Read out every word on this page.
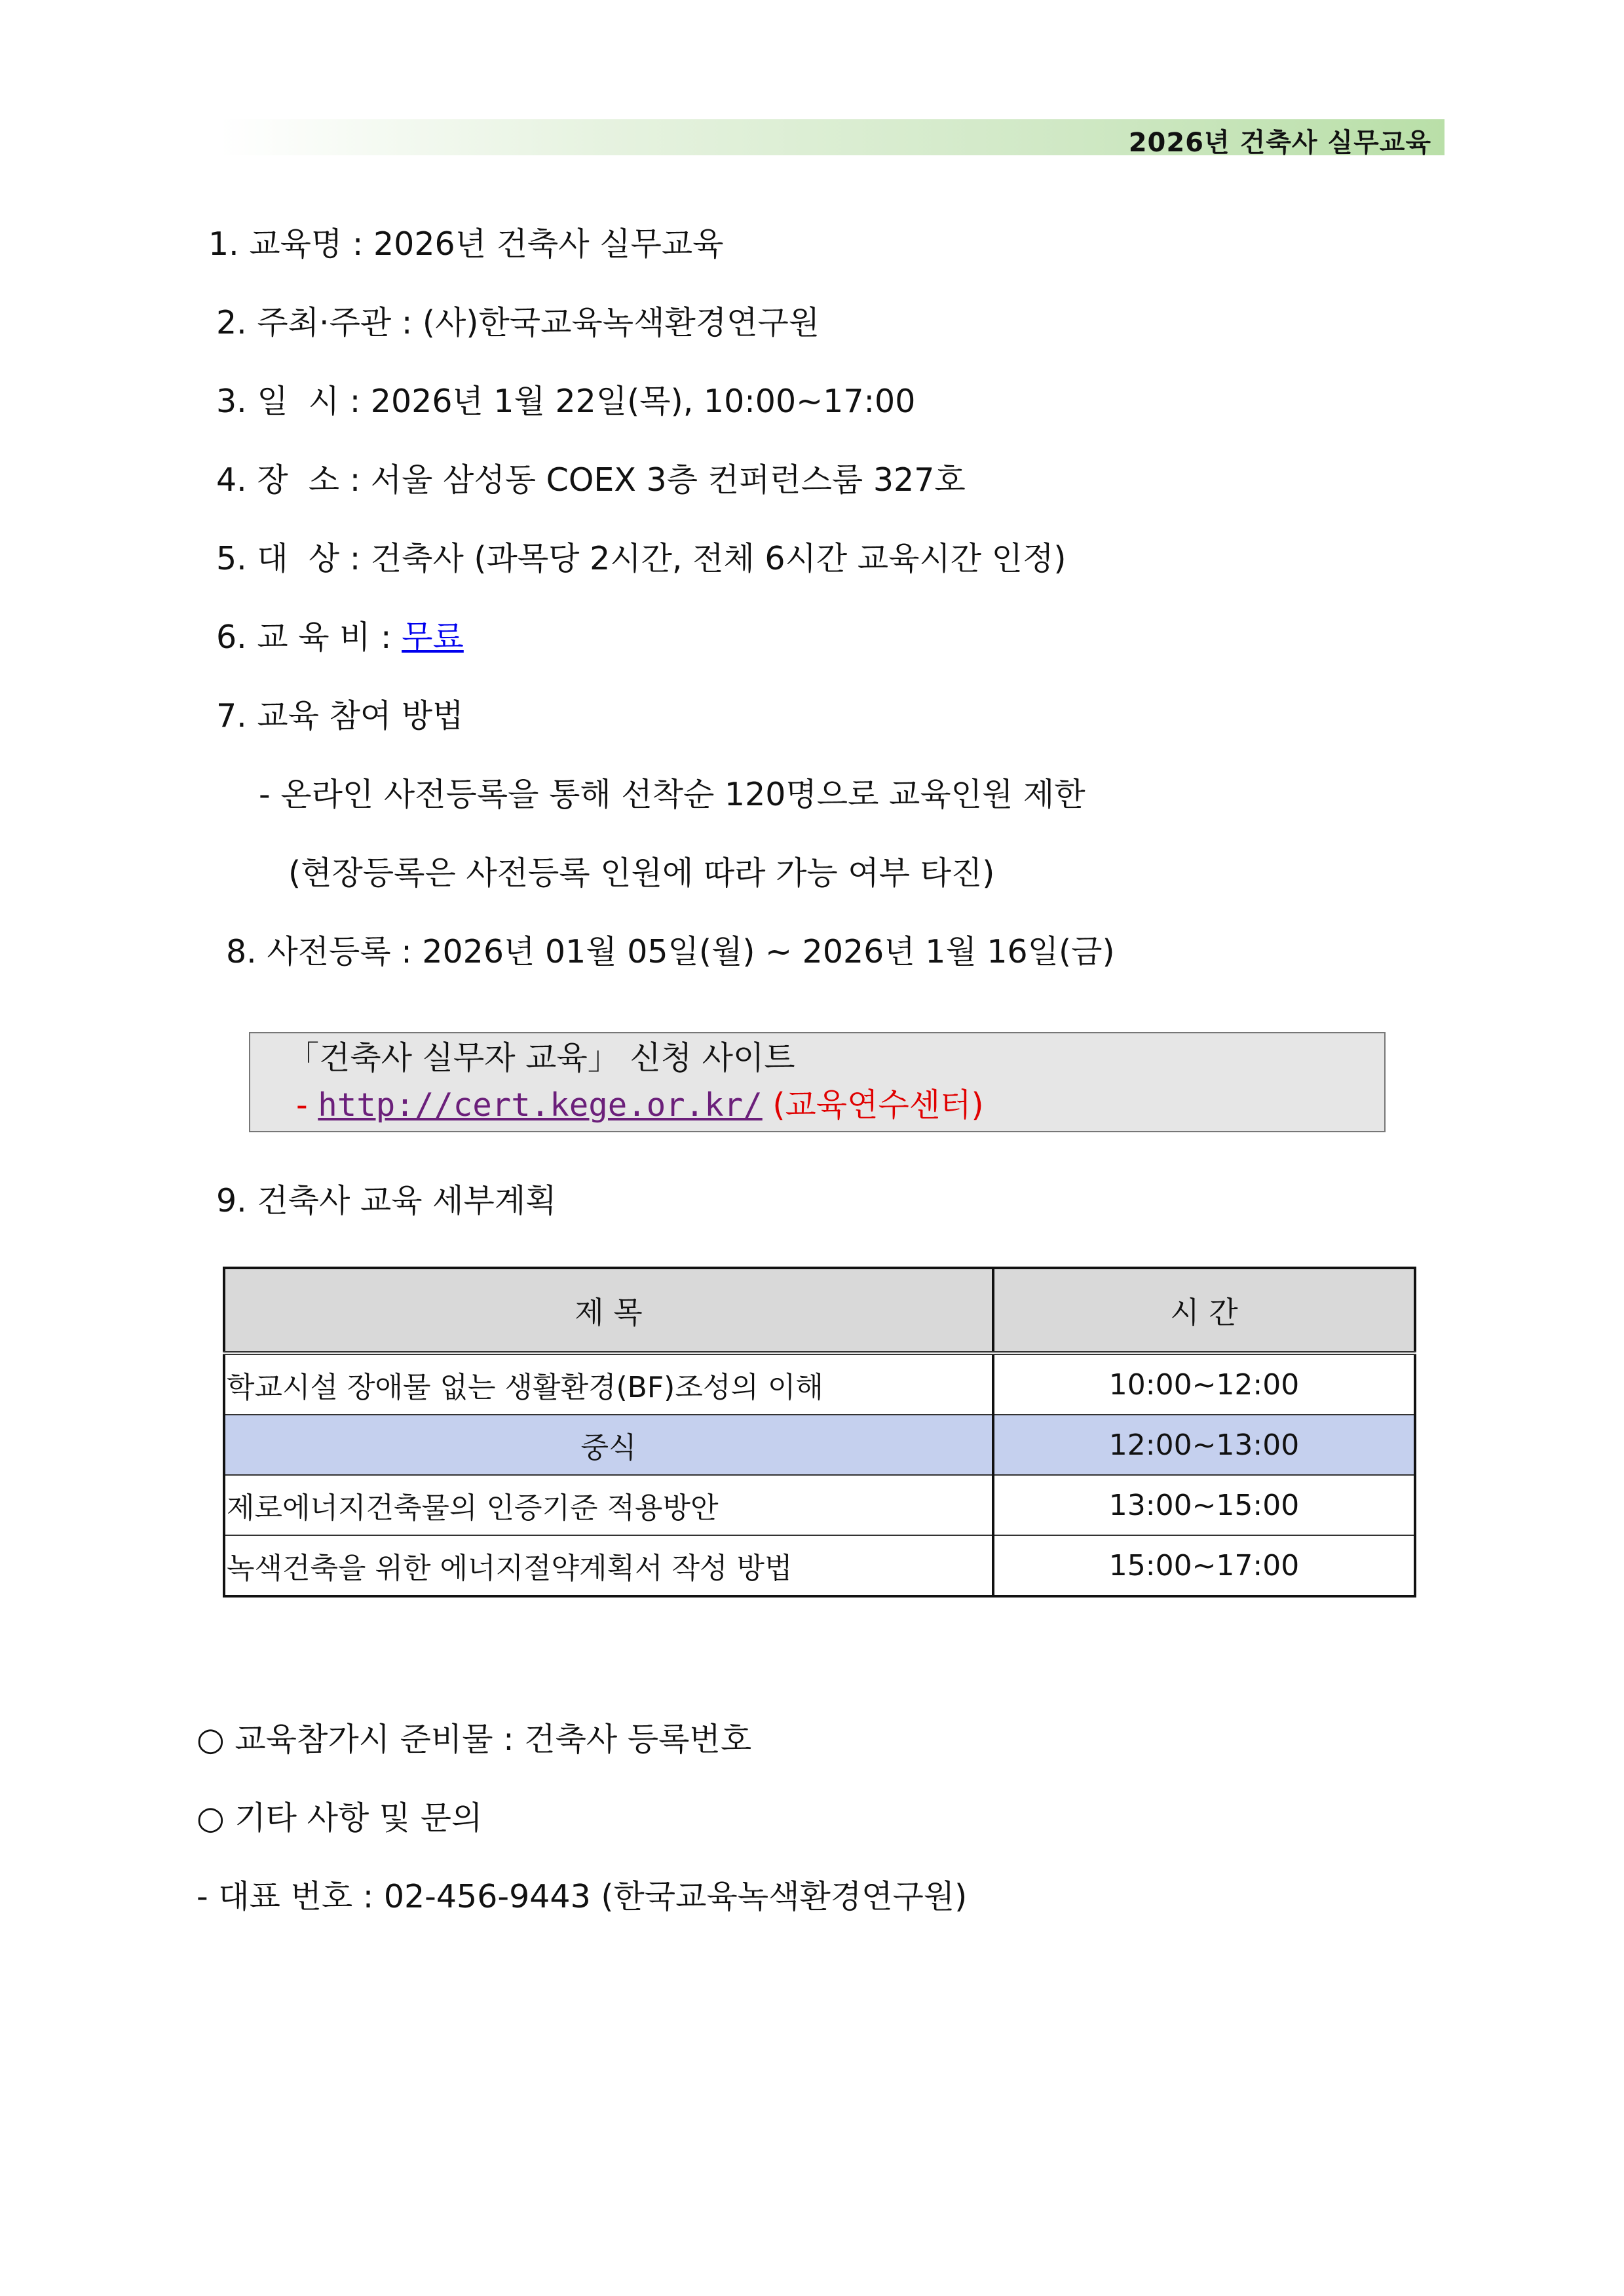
2026년 건축사 실무교육
1. 교육명 : 2026년 건축사 실무교육
2. 주최·주관 : (사)한국교육녹색환경연구원
3. 일  시 : 2026년 1월 22일(목), 10:00~17:00
4. 장  소 : 서울 삼성동 COEX 3층 컨퍼런스룸 327호
5. 대  상 : 건축사 (과목당 2시간, 전체 6시간 교육시간 인정)
6. 교 육 비 : 무료
7. 교육 참여 방법
- 온라인 사전등록을 통해 선착순 120명으로 교육인원 제한
(현장등록은 사전등록 인원에 따라 가능 여부 타진)
8. 사전등록 : 2026년 01월 05일(월) ~ 2026년 1월 16일(금)
「건축사 실무자 교육」 신청 사이트
- http://cert.kege.or.kr/ (교육연수센터)
9. 건축사 교육 세부계획
제 목	시 간
학교시설 장애물 없는 생활환경(BF)조성의 이해	10:00~12:00
중식	12:00~13:00
제로에너지건축물의 인증기준 적용방안	13:00~15:00
녹색건축을 위한 에너지절약계획서 작성 방법	15:00~17:00
○ 교육참가시 준비물 : 건축사 등록번호
○ 기타 사항 및 문의
- 대표 번호 : 02-456-9443 (한국교육녹색환경연구원)
